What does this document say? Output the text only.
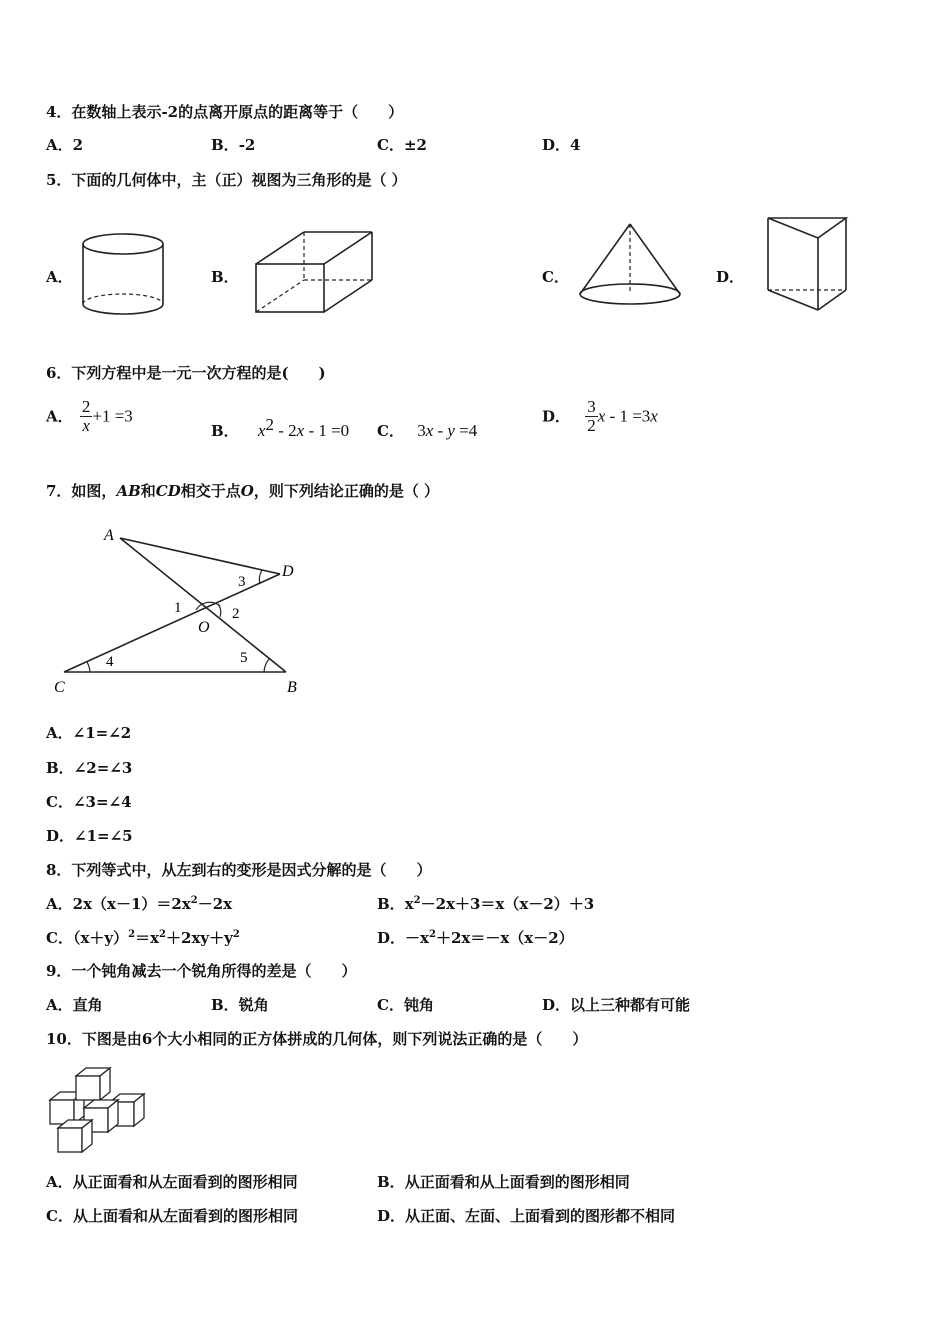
4．在数轴上表示-2的点离开原点的距离等于（　　）
A．2	B．-2	C．±2	D．4
5．下面的几何体中，主（正）视图为三角形的是（ ）
A．	B．	C．	D．
6．下列方程中是一元一次方程的是(　　)
A． $\frac{2}{x} +1 =3$
B． $x^2 - 2x - 1 =0$ C． 3x - y =4
D． $\frac{3}{2}$ x - 1 =3x
7．如图，AB和CD相交于点O，则下列结论正确的是（ ）
A
D
C	B
O
1	2
3
4	5
A．∠1=∠2
B．∠2=∠3
C．∠3=∠4
D．∠1=∠5
8．下列等式中，从左到右的变形是因式分解的是（　　）
A．$2x(x-1)=2x^2-2x$	B．$x^2-2x+3=x(x-2)+3$
C．$(x+y)^2=x^2+2xy+y^2$	D．$-x^2+2x=-x(x-2)$
9．一个钝角减去一个锐角所得的差是（　　）
A．直角	B．锐角	C．钝角	D．以上三种都有可能
10．下图是由6个大小相同的正方体拼成的几何体，则下列说法正确的是（　　）
A．从正面看和从左面看到的图形相同	B．从正面看和从上面看到的图形相同
C．从上面看和从左面看到的图形相同	D．从正面、左面、上面看到的图形都不相同
